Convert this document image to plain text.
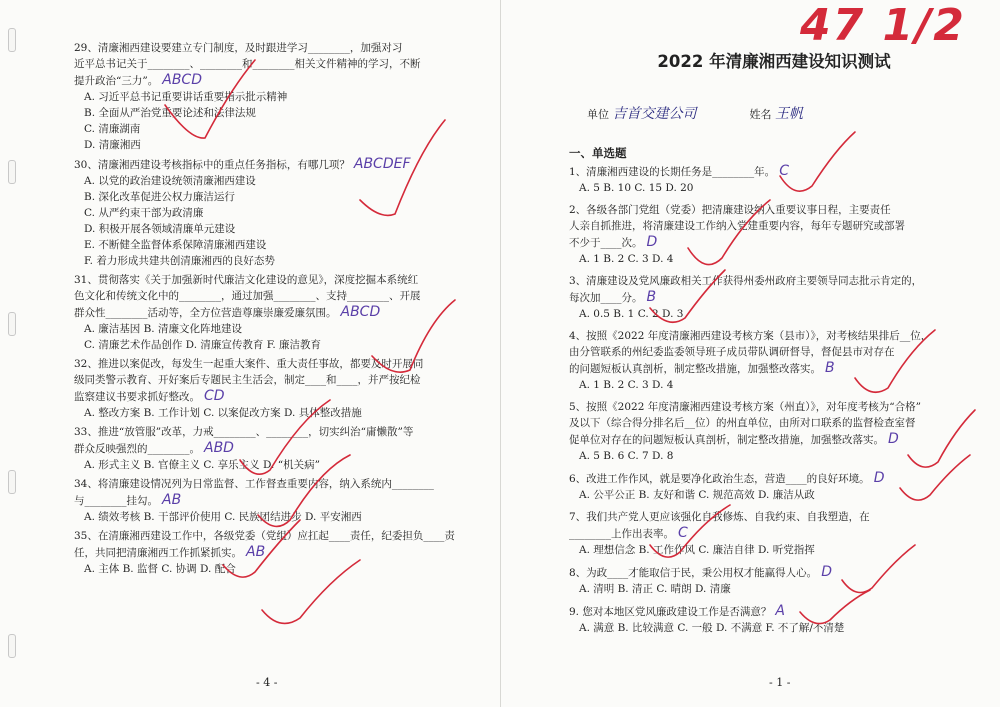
29、清廉湘西建设要建立专门制度，及时跟进学习________，加强对习
近平总书记关于________、________和________相关文件精神的学习，不断
提升政治“三力”。 ABCD
A. 习近平总书记重要讲话重要指示批示精神
B. 全面从严治党重要论述和法律法规
C. 清廉湖南
D. 清廉湘西
30、清廉湘西建设考核指标中的重点任务指标，有哪几项？ ABCDEF
A. 以党的政治建设统领清廉湘西建设
B. 深化改革促进公权力廉洁运行
C. 从严约束干部为政清廉
D. 积极开展各领域清廉单元建设
E. 不断健全监督体系保障清廉湘西建设
F. 着力形成共建共创清廉湘西的良好态势
31、贯彻落实《关于加强新时代廉洁文化建设的意见》，深度挖掘本系统红
色文化和传统文化中的________，通过加强________、支持________、开展
群众性________活动等，全方位营造尊廉崇廉爱廉氛围。 ABCD
A. 廉洁基因 B. 清廉文化阵地建设
C. 清廉艺术作品创作 D. 清廉宣传教育 F. 廉洁教育
32、推进以案促改，每发生一起重大案件、重大责任事故，都要及时开展同
级同类警示教育、开好案后专题民主生活会，制定____和____，并严按纪检
监察建议书要求抓好整改。 CD
A. 整改方案 B. 工作计划 C. 以案促改方案 D. 具体整改措施
33、推进“放管服”改革，力戒________、________，切实纠治“庸懒散”等
群众反映强烈的________。 ABD
A. 形式主义 B. 官僚主义 C. 享乐主义 D. “机关病”
34、将清廉建设情况列为日常监督、工作督查重要内容，纳入系统内________
与________挂勾。 AB
A. 绩效考核 B. 干部评价使用 C. 民族团结进步 D. 平安湘西
35、在清廉湘西建设工作中，各级党委（党组）应扛起____责任，纪委担负____责
任，共同把清廉湘西工作抓紧抓实。 AB
A. 主体 B. 监督 C. 协调 D. 配合
- 4 -
2022 年清廉湘西建设知识测试
单位 吉首交建公司	姓名 王帆
一、单选题
1、清廉湘西建设的长期任务是________年。 C
A. 5 B. 10 C. 15 D. 20
2、各级各部门党组（党委）把清廉建设纳入重要议事日程，主要责任
人亲自抓推进，将清廉建设工作纳入党建重要内容，每年专题研究或部署
不少于____次。 D
A. 1 B. 2 C. 3 D. 4
3、清廉建设及党风廉政相关工作获得州委州政府主要领导同志批示肯定的，
每次加____分。 B
A. 0.5 B. 1 C. 2 D. 3
4、按照《2022 年度清廉湘西建设考核方案（县市）》，对考核结果排后__位，
由分管联系的州纪委监委领导班子成员带队调研督导，督促县市对存在
的问题短板认真剖析，制定整改措施，加强整改落实。 B
A. 1 B. 2 C. 3 D. 4
5、按照《2022 年度清廉湘西建设考核方案（州直）》，对年度考核为“合格”
及以下（综合得分排名后__位）的州直单位，由所对口联系的监督检查室督
促单位对存在的问题短板认真剖析，制定整改措施，加强整改落实。 D
A. 5 B. 6 C. 7 D. 8
6、改进工作作风，就是要净化政治生态，营造____的良好环境。 D
A. 公平公正 B. 友好和谐 C. 规范高效 D. 廉洁从政
7、我们共产党人更应该强化自我修炼、自我约束、自我塑造，在
________上作出表率。 C
A. 理想信念 B. 工作作风 C. 廉洁自律 D. 听党指挥
8、为政____才能取信于民，秉公用权才能赢得人心。 D
A. 清明 B. 清正 C. 晴朗 D. 清廉
9. 您对本地区党风廉政建设工作是否满意？ A
A. 满意 B. 比较满意 C. 一般 D. 不满意 F. 不了解/不清楚
- 1 -
47 1/2
